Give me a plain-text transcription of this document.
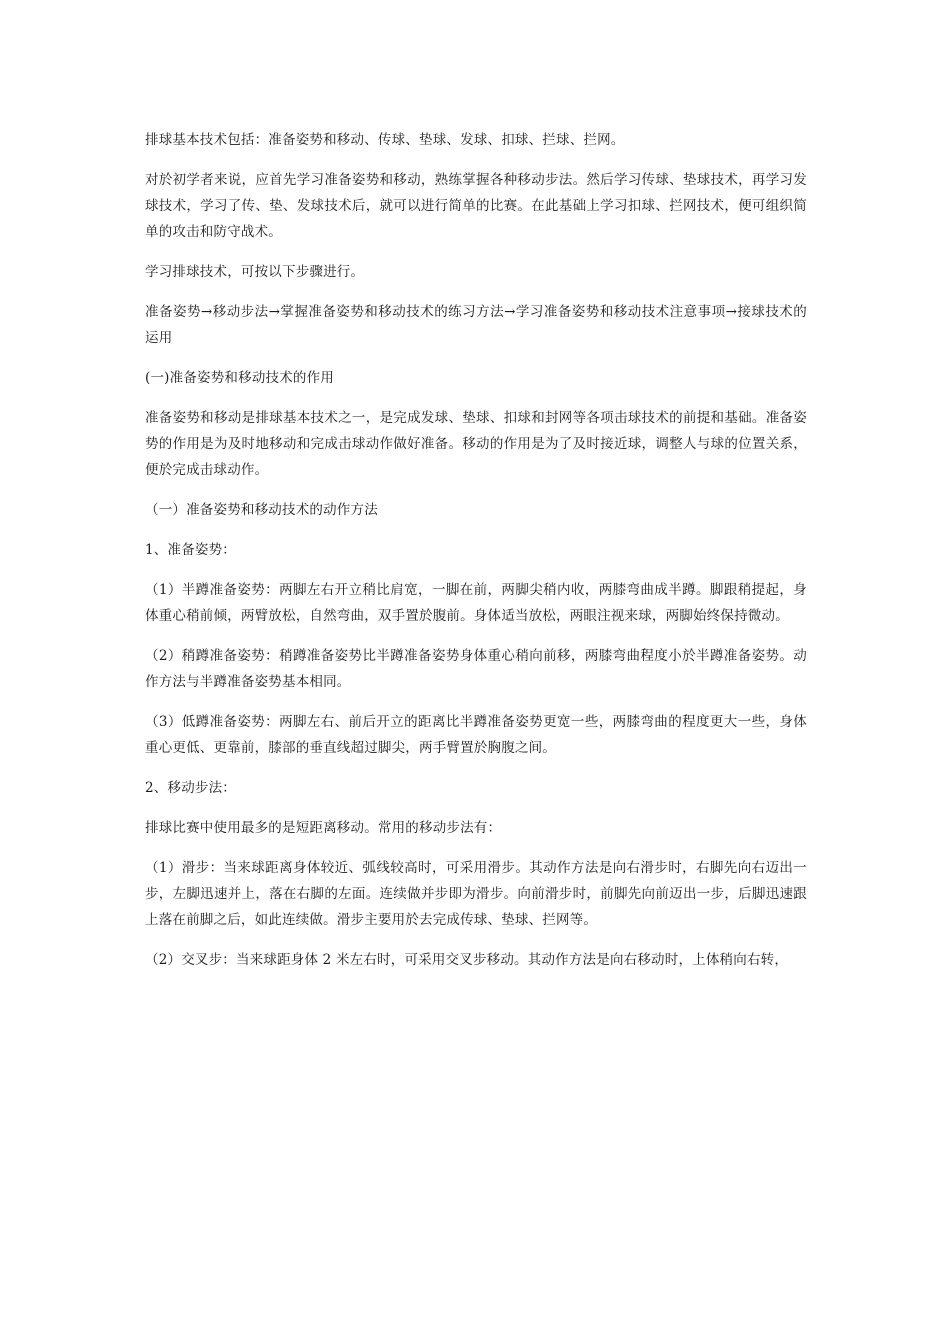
排球基本技术包括：准备姿势和移动、传球、垫球、发球、扣球、拦球、拦网。

对於初学者来说，应首先学习准备姿势和移动，熟练掌握各种移动步法。然后学习传球、垫球技术，再学习发球技术，学习了传、垫、发球技术后，就可以进行简单的比赛。在此基础上学习扣球、拦网技术，便可组织简单的攻击和防守战术。

学习排球技术，可按以下步骤进行。

准备姿势→移动步法→掌握准备姿势和移动技术的练习方法→学习准备姿势和移动技术注意事项→接球技术的运用

(一)准备姿势和移动技术的作用

准备姿势和移动是排球基本技术之一，是完成发球、垫球、扣球和封网等各项击球技术的前提和基础。准备姿势的作用是为及时地移动和完成击球动作做好准备。移动的作用是为了及时接近球，调整人与球的位置关系，便於完成击球动作。

（一）准备姿势和移动技术的动作方法

1、准备姿势：

（1）半蹲准备姿势：两脚左右开立稍比肩宽，一脚在前，两脚尖稍内收，两膝弯曲成半蹲。脚跟稍提起，身体重心稍前倾，两臂放松，自然弯曲，双手置於腹前。身体适当放松，两眼注视来球，两脚始终保持微动。

（2）稍蹲准备姿势：稍蹲准备姿势比半蹲准备姿势身体重心稍向前移，两膝弯曲程度小於半蹲准备姿势。动作方法与半蹲准备姿势基本相同。

（3）低蹲准备姿势：两脚左右、前后开立的距离比半蹲准备姿势更宽一些，两膝弯曲的程度更大一些，身体重心更低、更靠前，膝部的垂直线超过脚尖，两手臂置於胸腹之间。

2、移动步法：

排球比赛中使用最多的是短距离移动。常用的移动步法有：

（1）滑步：当来球距离身体较近、弧线较高时，可采用滑步。其动作方法是向右滑步时，右脚先向右迈出一步，左脚迅速并上，落在右脚的左面。连续做并步即为滑步。向前滑步时，前脚先向前迈出一步，后脚迅速跟上落在前脚之后，如此连续做。滑步主要用於去完成传球、垫球、拦网等。

（2）交叉步：当来球距身体 2 米左右时，可采用交叉步移动。其动作方法是向右移动时，上体稍向右转，
